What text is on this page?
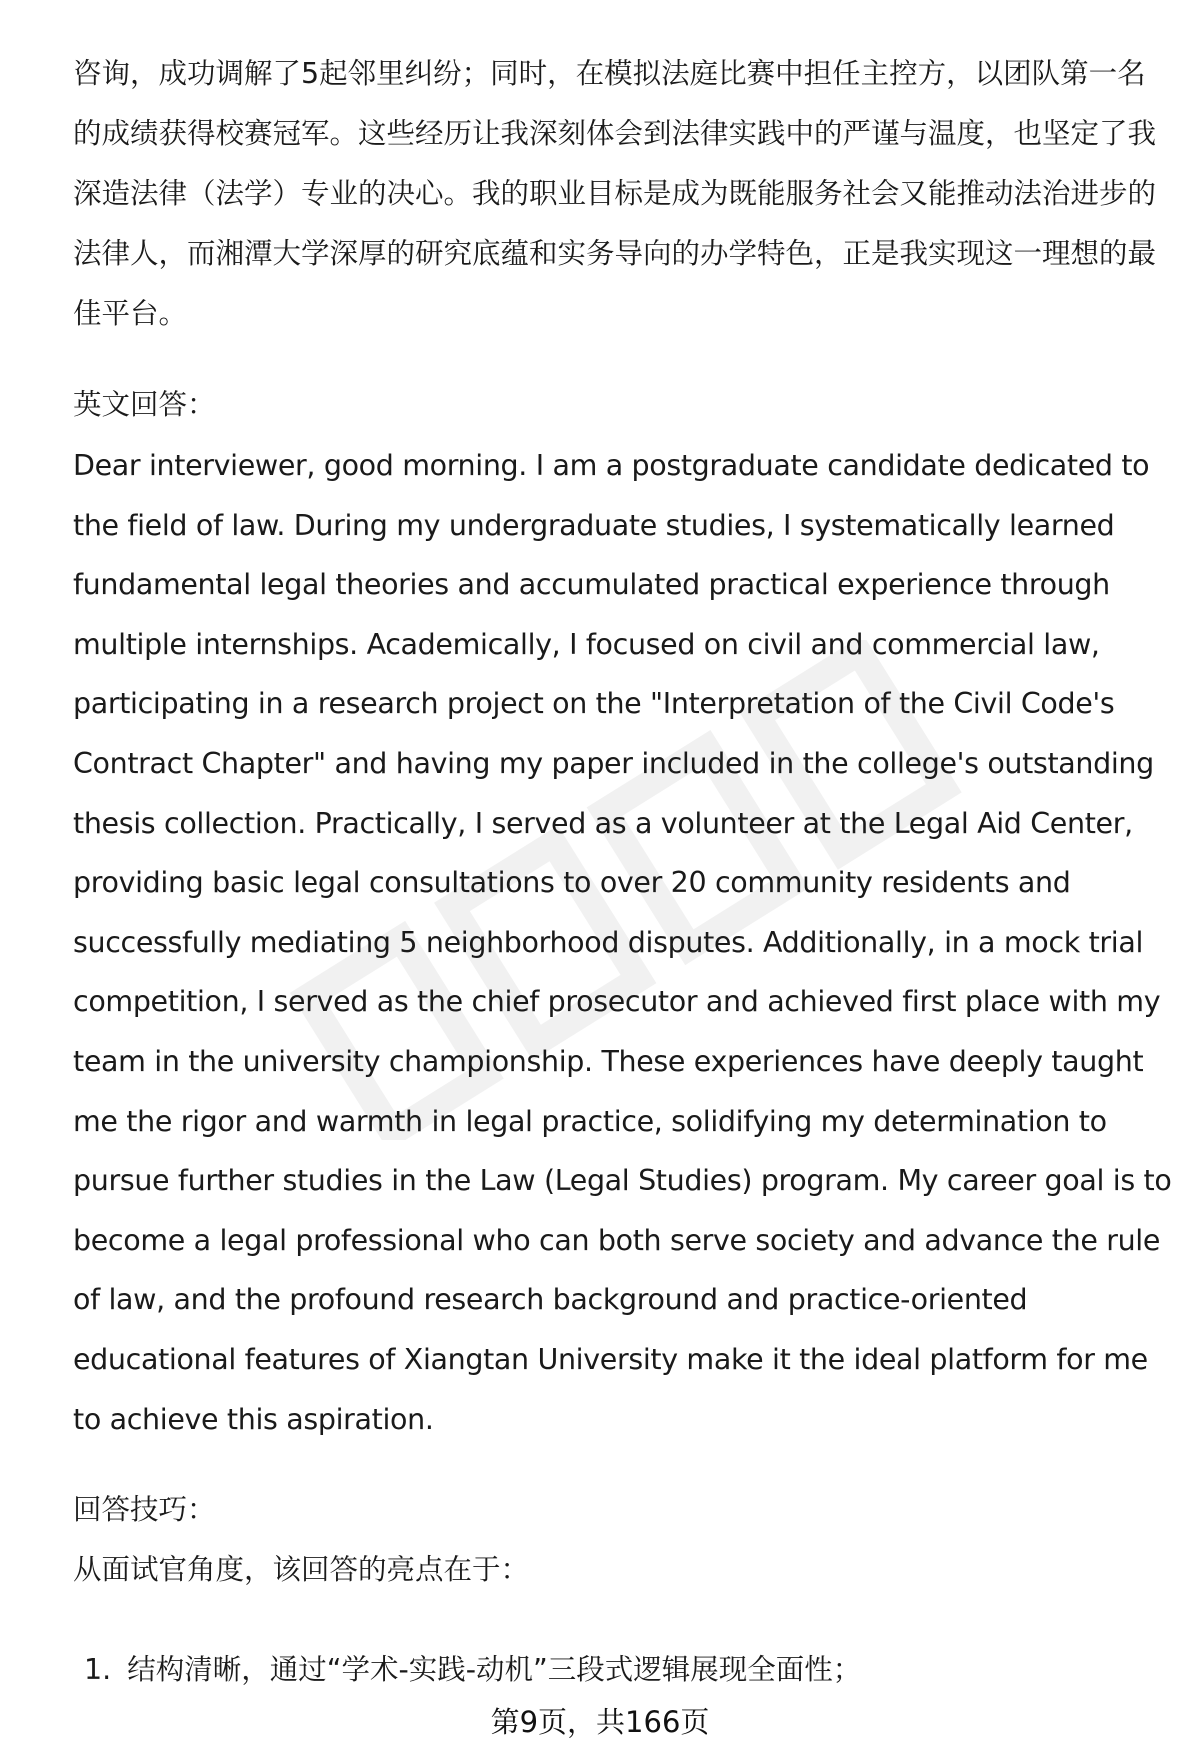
咨询，成功调解了5起邻里纠纷；同时，在模拟法庭比赛中担任主控方，以团队第一名的成绩获得校赛冠军。这些经历让我深刻体会到法律实践中的严谨与温度，也坚定了我深造法律（法学）专业的决心。我的职业目标是成为既能服务社会又能推动法治进步的法律人，而湘潭大学深厚的研究底蕴和实务导向的办学特色，正是我实现这一理想的最佳平台。

英文回答：

Dear interviewer, good morning. I am a postgraduate candidate dedicated to the field of law. During my undergraduate studies, I systematically learned fundamental legal theories and accumulated practical experience through multiple internships. Academically, I focused on civil and commercial law, participating in a research project on the "Interpretation of the Civil Code's Contract Chapter" and having my paper included in the college's outstanding thesis collection. Practically, I served as a volunteer at the Legal Aid Center, providing basic legal consultations to over 20 community residents and successfully mediating 5 neighborhood disputes. Additionally, in a mock trial competition, I served as the chief prosecutor and achieved first place with my team in the university championship. These experiences have deeply taught me the rigor and warmth in legal practice, solidifying my determination to pursue further studies in the Law (Legal Studies) program. My career goal is to become a legal professional who can both serve society and advance the rule of law, and the profound research background and practice-oriented educational features of Xiangtan University make it the ideal platform for me to achieve this aspiration.

回答技巧：

从面试官角度，该回答的亮点在于：

1. 结构清晰，通过“学术-实践-动机”三段式逻辑展现全面性；
第9页，共166页
